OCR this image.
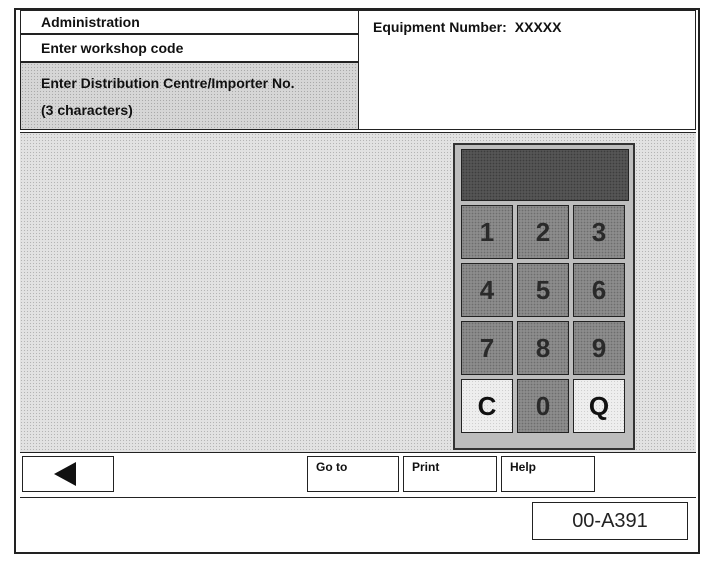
Administration
Enter workshop code
Enter Distribution Centre/Importer No.
(3 characters)
Equipment Number: XXXXX
1	2	3
4	5	6
7	8	9
C	0	Q
Go to	Print	Help
00-A391
